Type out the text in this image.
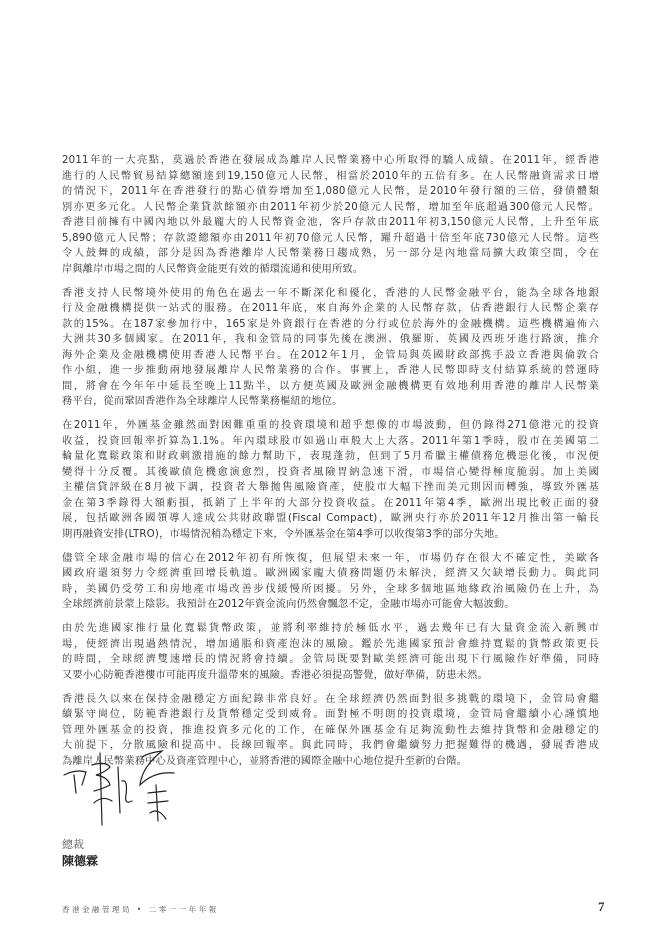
2011年的一大亮點，莫過於香港在發展成為離岸人民幣業務中心所取得的驕人成績。在2011年，經香港
進行的人民幣貿易結算總額達到19,150億元人民幣，相當於2010年的五倍有多。在人民幣融資需求日增
的情況下，2011年在香港發行的點心債券增加至1,080億元人民幣，是2010年發行額的三倍，發債體類
別亦更多元化。人民幣企業貸款餘額亦由2011年初少於20億元人民幣，增加至年底超過300億元人民幣。
香港目前擁有中國內地以外最龐大的人民幣資金池，客戶存款由2011年初3,150億元人民幣，上升至年底
5,890億元人民幣；存款證總額亦由2011年初70億元人民幣，躍升超過十倍至年底730億元人民幣。這些
令人鼓舞的成績，部分是因為香港離岸人民幣業務日趨成熟，另一部分是內地當局擴大政策空間，令在
岸與離岸市場之間的人民幣資金能更有效的循環流通和使用所致。
香港支持人民幣境外使用的角色在過去一年不斷深化和優化，香港的人民幣金融平台，能為全球各地銀
行及金融機構提供一站式的服務。在2011年底，來自海外企業的人民幣存款，佔香港銀行人民幣企業存
款的15%。在187家參加行中，165家是外資銀行在香港的分行或位於海外的金融機構。這些機構遍佈六
大洲共30多個國家。在2011年，我和金管局的同事先後在澳洲、俄羅斯、英國及西班牙進行路演，推介
海外企業及金融機構使用香港人民幣平台。在2012年1月，金管局與英國財政部携手設立香港與倫敦合
作小組，進一步推動兩地發展離岸人民幣業務的合作。事實上，香港人民幣即時支付結算系統的營運時
間，將會在今年年中延長至晚上11點半，以方便英國及歐洲金融機構更有效地利用香港的離岸人民幣業
務平台，從而鞏固香港作為全球離岸人民幣業務樞紐的地位。
在2011年，外匯基金雖然面對困難重重的投資環境和超乎想像的市場波動，但仍錄得271億港元的投資
收益，投資回報率折算為1.1%。年內環球股市如過山車般大上大落。2011年第1季時，股市在美國第二
輪量化寬鬆政策和財政刺激措施的餘力幫助下，表現蓬勃，但到了5月希臘主權債務危機惡化後，市況便
變得十分反覆。其後歐債危機愈演愈烈，投資者風險胃納急速下滑，市場信心變得極度脆弱。加上美國
主權信貸評級在8月被下調，投資者大舉拋售風險資產，使股市大幅下挫而美元則因而轉強，導致外匯基
金在第3季錄得大額虧損，抵銷了上半年的大部分投資收益。在2011年第4季，歐洲出現比較正面的發
展，包括歐洲各國領導人達成公共財政聯盟(Fiscal Compact)，歐洲央行亦於2011年12月推出第一輪長
期再融資安排(LTRO)，市場情況稍為穩定下來，令外匯基金在第4季可以收復第3季的部分失地。
儘管全球金融市場的信心在2012年初有所恢復，但展望未來一年，市場仍存在很大不確定性，美歐各
國政府還須努力令經濟重回增長軌道。歐洲國家龐大債務問題仍未解決，經濟又欠缺增長動力。與此同
時，美國仍受勞工和房地產市場改善步伐緩慢所困擾。另外，全球多個地區地緣政治風險仍在上升，為
全球經濟前景蒙上陰影。我預計在2012年資金流向仍然會飄忽不定，金融市場亦可能會大幅波動。
由於先進國家推行量化寬鬆貨幣政策，並將利率維持於極低水平，過去幾年已有大量資金流入新興市
場，使經濟出現過熱情況，增加通脹和資產泡沫的風險。鑑於先進國家預計會維持寬鬆的貨幣政策更長
的時間，全球經濟雙速增長的情況將會持續。金管局既要對歐美經濟可能出現下行風險作好準備，同時
又要小心防範香港樓市可能再度升溫帶來的風險。香港必須提高警覺，做好準備，防患未然。
香港長久以來在保持金融穩定方面紀錄非常良好。在全球經濟仍然面對很多挑戰的環境下，金管局會繼
續緊守崗位，防範香港銀行及貨幣穩定受到威脅。面對極不明朗的投資環境，金管局會繼續小心謹慎地
管理外匯基金的投資，推進投資多元化的工作，在確保外匯基金有足夠流動性去維持貨幣和金融穩定的
大前提下，分散風險和提高中、長線回報率。與此同時，我們會繼續努力把握難得的機遇，發展香港成
為離岸人民幣業務中心及資產管理中心，並將香港的國際金融中心地位提升至新的台階。
總裁
陳德霖
香港金融管理局 • 二零一一年年報	7
